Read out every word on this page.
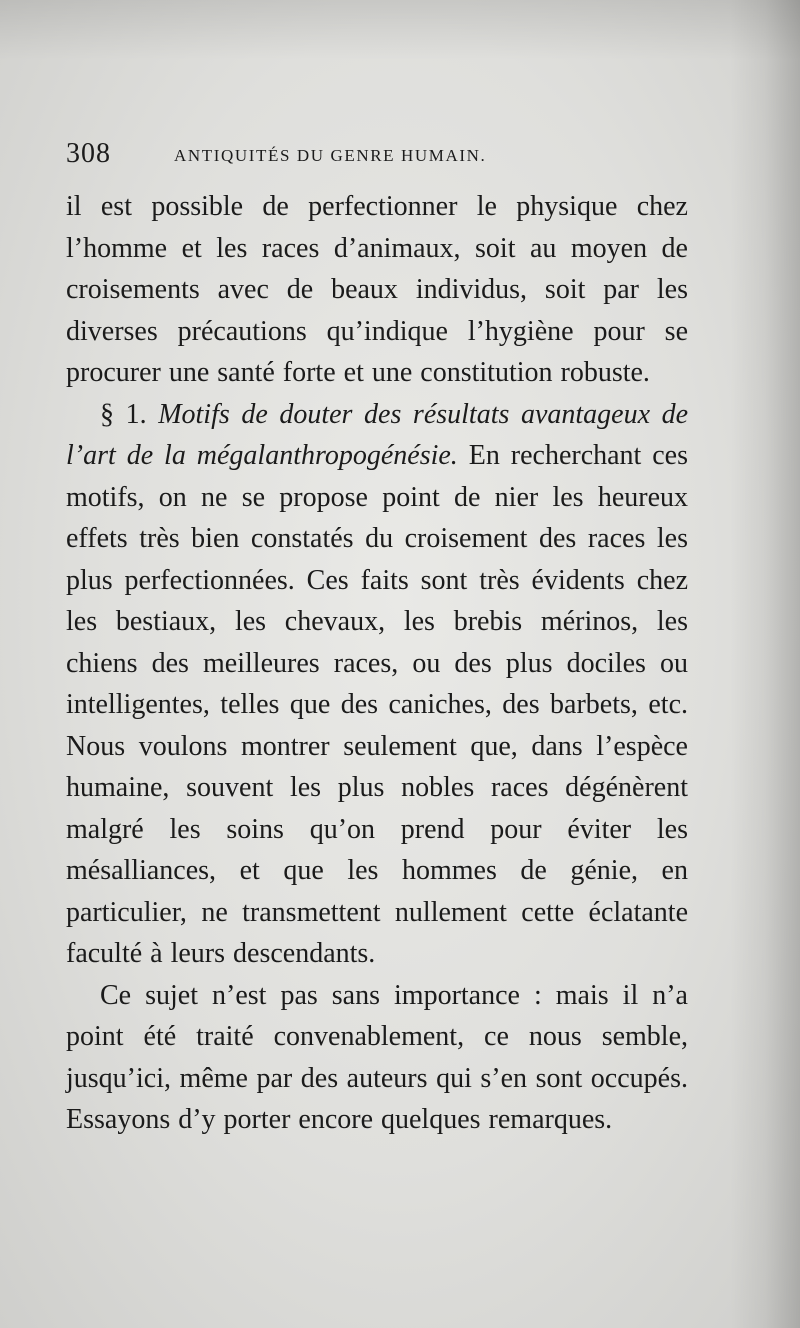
308	ANTIQUITÉS DU GENRE HUMAIN.

il est possible de perfectionner le physique chez l’homme et les races d’animaux, soit au moyen de croisements avec de beaux individus, soit par les diverses précautions qu’indique l’hygiène pour se procurer une santé forte et une constitution robuste.

§ 1. Motifs de douter des résultats avantageux de l’art de la mégalanthropogénésie. En recherchant ces motifs, on ne se propose point de nier les heureux effets très bien constatés du croisement des races les plus perfectionnées. Ces faits sont très évidents chez les bestiaux, les chevaux, les brebis mérinos, les chiens des meilleures races, ou des plus dociles ou intelligentes, telles que des caniches, des barbets, etc. Nous voulons montrer seulement que, dans l’espèce humaine, souvent les plus nobles races dégénèrent malgré les soins qu’on prend pour éviter les mésalliances, et que les hommes de génie, en particulier, ne transmettent nullement cette éclatante faculté à leurs descendants.

Ce sujet n’est pas sans importance : mais il n’a point été traité convenablement, ce nous semble, jusqu’ici, même par des auteurs qui s’en sont occupés. Essayons d’y porter encore quelques remarques.
